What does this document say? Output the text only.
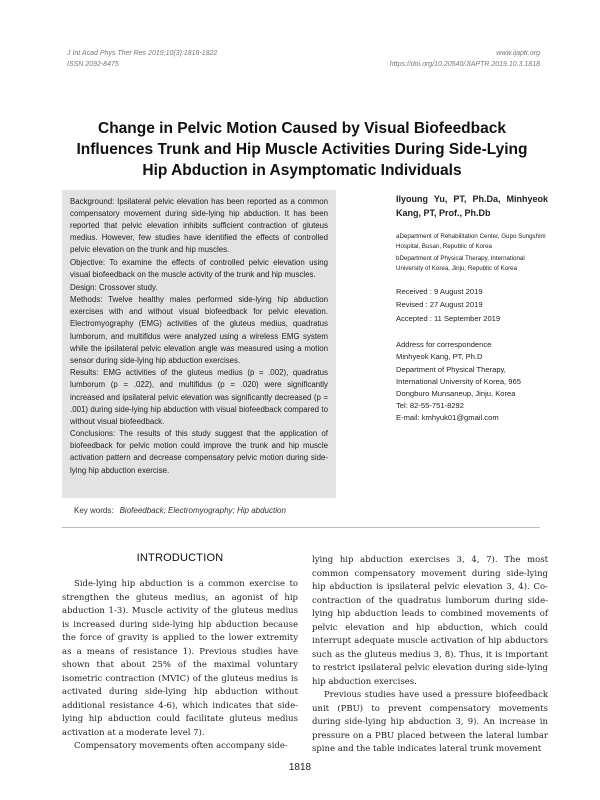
J Int Acad Phys Ther Res 2019;10(3):1818-1822
ISSN 2092-8475
www.ijaptr.org
https://doi.org/10.20540/JIAPTR.2019.10.3.1818
Change in Pelvic Motion Caused by Visual Biofeedback
Influences Trunk and Hip Muscle Activities During Side-Lying
Hip Abduction in Asymptomatic Individuals

Background: Ipsilateral pelvic elevation has been reported as a common compensatory movement during side-lying hip abduction. It has been reported that pelvic elevation inhibits sufficient contraction of gluteus medius. However, few studies have identified the effects of controlled pelvic elevation on the trunk and hip muscles.

Objective: To examine the effects of controlled pelvic elevation using visual biofeedback on the muscle activity of the trunk and hip muscles.

Design: Crossover study.

Methods: Twelve healthy males performed side-lying hip abduction exercises with and without visual biofeedback for pelvic elevation. Electromyography (EMG) activities of the gluteus medius, quadratus lumborum, and multifidus were analyzed using a wireless EMG system while the ipsilateral pelvic elevation angle was measured using a motion sensor during side-lying hip abduction exercises.

Results: EMG activities of the gluteus medius (p = .002), quadratus lumborum (p = .022), and multifidus (p = .020) were significantly increased and ipsilateral pelvic elevation was significantly decreased (p = .001) during side-lying hip abduction with visual biofeedback compared to without visual biofeedback.

Conclusions: The results of this study suggest that the application of biofeedback for pelvic motion could improve the trunk and hip muscle activation pattern and decrease compensatory pelvic motion during side-lying hip abduction exercise.

Ilyoung Yu, PT, Ph.Da, Minhyeok Kang, PT, Prof., Ph.Db
aDepartment of Rehabilitation Center, Gupo Sungshim Hospital, Busan, Republic of Korea
bDepartment of Physical Therapy, International University of Korea, Jinju, Republic of Korea
Received : 9 August 2019
Revised : 27 August 2019
Accepted : 11 September 2019
Address for correspondence
Minhyeok Kang, PT, Ph.D
Department of Physical Therapy, International University of Korea, 965 Dongburo Munsaneup, Jinju, Korea
Tel: 82-55-751-8292
E-mail: kmhyuk01@gmail.com
Key words: Biofeedback; Electromyography; Hip abduction
INTRODUCTION

Side-lying hip abduction is a common exercise to strengthen the gluteus medius, an agonist of hip abduction 1-3). Muscle activity of the gluteus medius is increased during side-lying hip abduction because the force of gravity is applied to the lower extremity as a means of resistance 1). Previous studies have shown that about 25% of the maximal voluntary isometric contraction (MVIC) of the gluteus medius is activated during side-lying hip abduction without additional resistance 4-6), which indicates that side-lying hip abduction could facilitate gluteus medius activation at a moderate level 7).

Compensatory movements often accompany side-

lying hip abduction exercises 3, 4, 7). The most common compensatory movement during side-lying hip abduction is ipsilateral pelvic elevation 3, 4). Co-contraction of the quadratus lumborum during side-lying hip abduction leads to combined movements of pelvic elevation and hip abduction, which could interrupt adequate muscle activation of hip abductors such as the gluteus medius 3, 8). Thus, it is important to restrict ipsilateral pelvic elevation during side-lying hip abduction exercises.

Previous studies have used a pressure biofeedback unit (PBU) to prevent compensatory movements during side-lying hip abduction 3, 9). An increase in pressure on a PBU placed between the lateral lumbar spine and the table indicates lateral trunk movement

1818
